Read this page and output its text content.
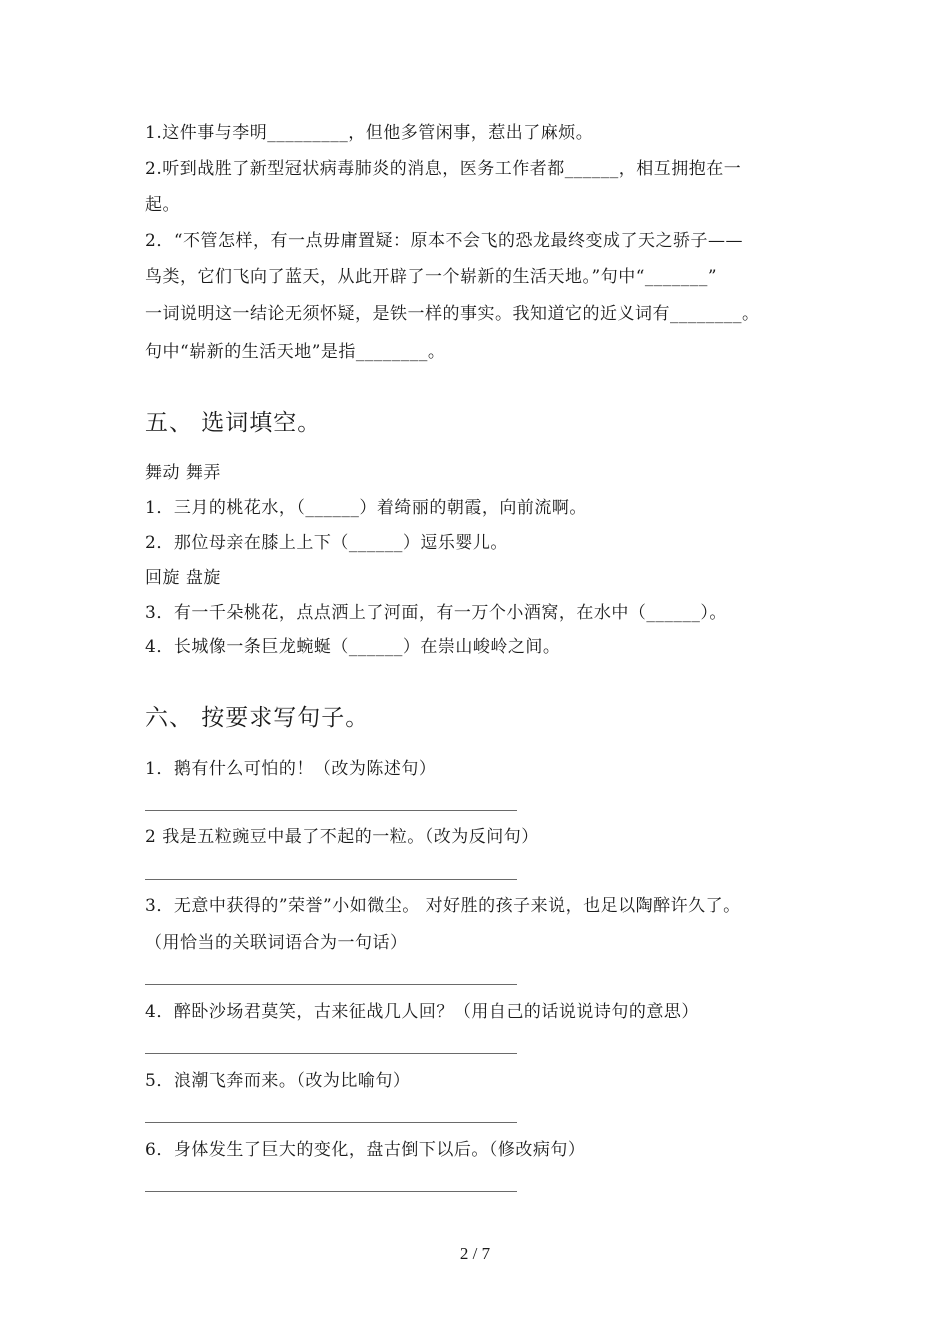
1.这件事与李明_________，但他多管闲事，惹出了麻烦。
2.听到战胜了新型冠状病毒肺炎的消息，医务工作者都______，相互拥抱在一
起。
2．“不管怎样，有一点毋庸置疑：原本不会飞的恐龙最终变成了天之骄子——
鸟类，它们飞向了蓝天，从此开辟了一个崭新的生活天地。”句中“_______”
一词说明这一结论无须怀疑，是铁一样的事实。我知道它的近义词有________。
句中“崭新的生活天地”是指________。
五、 选词填空。
舞动 舞弄
1．三月的桃花水，（______）着绮丽的朝霞，向前流啊。
2．那位母亲在膝上上下（______）逗乐婴儿。
回旋 盘旋
3．有一千朵桃花，点点洒上了河面，有一万个小酒窝，在水中（______）。
4．长城像一条巨龙蜿蜒（______）在崇山峻岭之间。
六、 按要求写句子。
1．鹅有什么可怕的！（改为陈述句）
2 我是五粒豌豆中最了不起的一粒。（改为反问句）
3．无意中获得的”荣誉”小如微尘。 对好胜的孩子来说，也足以陶醉许久了。
（用恰当的关联词语合为一句话）
4．醉卧沙场君莫笑，古来征战几人回？（用自己的话说说诗句的意思）
5．浪潮飞奔而来。（改为比喻句）
6．身体发生了巨大的变化，盘古倒下以后。（修改病句）
2 / 7
